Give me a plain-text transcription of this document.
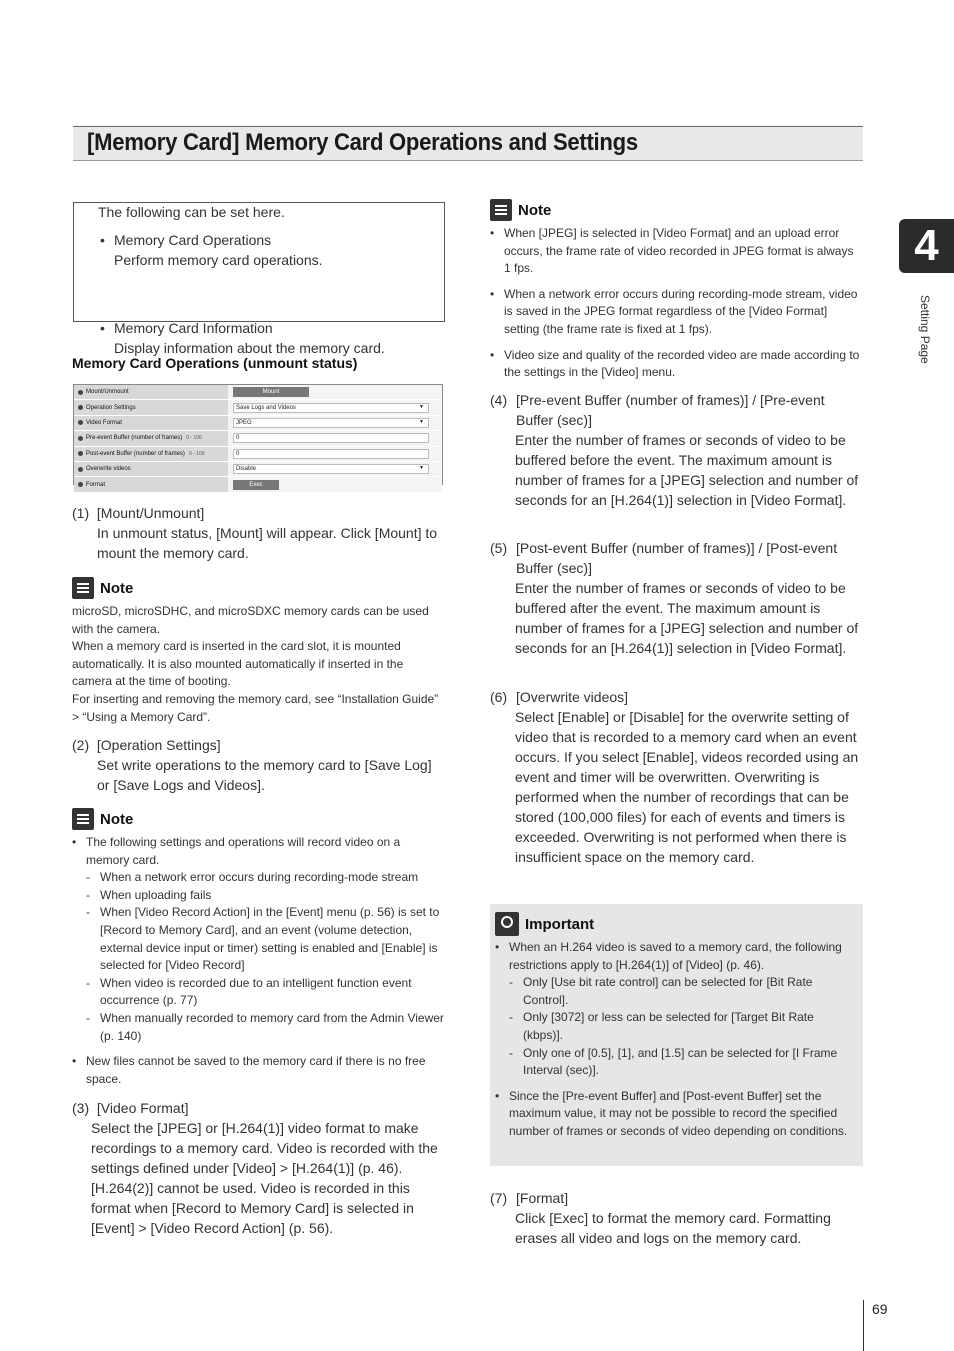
[Memory Card] Memory Card Operations and Settings
4
Setting Page
The following can be set here.
• Memory Card Operations
Perform memory card operations.
• Memory Card Information
Display information about the memory card.
Memory Card Operations (unmount status)
Mount/Unmount	Mount
Operation Settings	Save Logs and Videos	▼
Video Format	JPEG	▼
Pre-event Buffer (number of frames) 0 - 100	0
Post-event Buffer (number of frames) 0 - 100	0
Overwrite videos	Disable	▼
Format	Exec
(1) [Mount/Unmount]
In unmount status, [Mount] will appear. Click [Mount] to mount the memory card.
Note
microSD, microSDHC, and microSDXC memory cards can be used with the camera.
When a memory card is inserted in the card slot, it is mounted automatically. It is also mounted automatically if inserted in the camera at the time of booting.
For inserting and removing the memory card, see “Installation Guide” > “Using a Memory Card”.
(2) [Operation Settings]
Set write operations to the memory card to [Save Log] or [Save Logs and Videos].
Note
• The following settings and operations will record video on a memory card.
- When a network error occurs during recording-mode stream
- When uploading fails
- When [Video Record Action] in the [Event] menu (p. 56) is set to [Record to Memory Card], and an event (volume detection, external device input or timer) setting is enabled and [Enable] is selected for [Video Record]
- When video is recorded due to an intelligent function event occurrence (p. 77)
- When manually recorded to memory card from the Admin Viewer (p. 140)
• New files cannot be saved to the memory card if there is no free space.
(3) [Video Format]
Select the [JPEG] or [H.264(1)] video format to make recordings to a memory card. Video is recorded with the settings defined under [Video] > [H.264(1)] (p. 46). [H.264(2)] cannot be used. Video is recorded in this format when [Record to Memory Card] is selected in [Event] > [Video Record Action] (p. 56).
Note
• When [JPEG] is selected in [Video Format] and an upload error occurs, the frame rate of video recorded in JPEG format is always 1 fps.
• When a network error occurs during recording-mode stream, video is saved in the JPEG format regardless of the [Video Format] setting (the frame rate is fixed at 1 fps).
• Video size and quality of the recorded video are made according to the settings in the [Video] menu.
(4) [Pre-event Buffer (number of frames)] / [Pre-event Buffer (sec)]
Enter the number of frames or seconds of video to be buffered before the event. The maximum amount is number of frames for a [JPEG] selection and number of seconds for an [H.264(1)] selection in [Video Format].
(5) [Post-event Buffer (number of frames)] / [Post-event Buffer (sec)]
Enter the number of frames or seconds of video to be buffered after the event. The maximum amount is number of frames for a [JPEG] selection and number of seconds for an [H.264(1)] selection in [Video Format].
(6) [Overwrite videos]
Select [Enable] or [Disable] for the overwrite setting of video that is recorded to a memory card when an event occurs. If you select [Enable], videos recorded using an event and timer will be overwritten. Overwriting is performed when the number of recordings that can be stored (100,000 files) for each of events and timers is exceeded. Overwriting is not performed when there is insufficient space on the memory card.
Important
• When an H.264 video is saved to a memory card, the following restrictions apply to [H.264(1)] of [Video] (p. 46).
- Only [Use bit rate control] can be selected for [Bit Rate Control].
- Only [3072] or less can be selected for [Target Bit Rate (kbps)].
- Only one of [0.5], [1], and [1.5] can be selected for [I Frame Interval (sec)].
• Since the [Pre-event Buffer] and [Post-event Buffer] set the maximum value, it may not be possible to record the specified number of frames or seconds of video depending on conditions.
(7) [Format]
Click [Exec] to format the memory card. Formatting erases all video and logs on the memory card.
69
